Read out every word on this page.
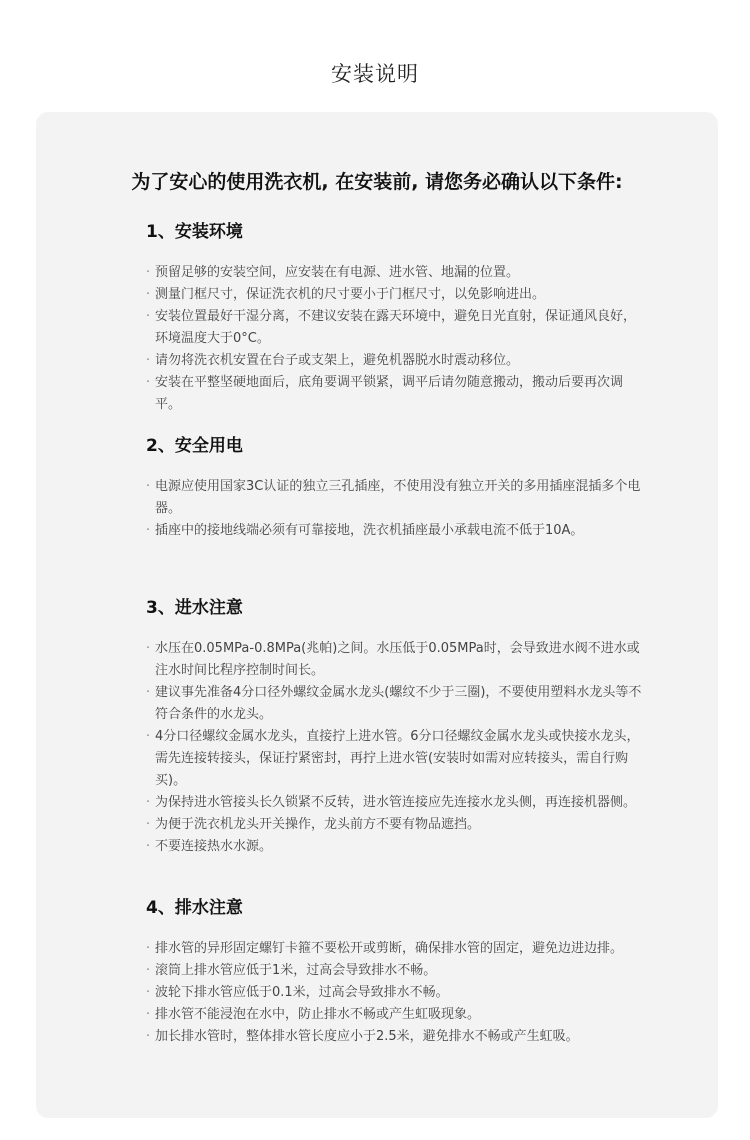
安装说明
为了安心的使用洗衣机, 在安装前, 请您务必确认以下条件:
1、安装环境
· 预留足够的安装空间，应安装在有电源、进水管、地漏的位置。
· 测量门框尺寸，保证洗衣机的尺寸要小于门框尺寸，以免影响进出。
· 安装位置最好干湿分离，不建议安装在露天环境中，避免日光直射，保证通风良好，环境温度大于0°C。
· 请勿将洗衣机安置在台子或支架上，避免机器脱水时震动移位。
· 安装在平整坚硬地面后，底角要调平锁紧，调平后请勿随意搬动，搬动后要再次调平。
2、安全用电
· 电源应使用国家3C认证的独立三孔插座，不使用没有独立开关的多用插座混插多个电器。
· 插座中的接地线端必须有可靠接地，洗衣机插座最小承载电流不低于10A。
3、进水注意
· 水压在0.05MPa-0.8MPa(兆帕)之间。水压低于0.05MPa时，会导致进水阀不进水或注水时间比程序控制时间长。
· 建议事先准备4分口径外螺纹金属水龙头(螺纹不少于三圈)，不要使用塑料水龙头等不符合条件的水龙头。
· 4分口径螺纹金属水龙头，直接拧上进水管。6分口径螺纹金属水龙头或快接水龙头，需先连接转接头，保证拧紧密封，再拧上进水管(安装时如需对应转接头，需自行购买)。
· 为保持进水管接头长久锁紧不反转，进水管连接应先连接水龙头侧，再连接机器侧。
· 为便于洗衣机龙头开关操作，龙头前方不要有物品遮挡。
· 不要连接热水水源。
4、排水注意
· 排水管的异形固定螺钉卡箍不要松开或剪断，确保排水管的固定，避免边进边排。
· 滚筒上排水管应低于1米，过高会导致排水不畅。
· 波轮下排水管应低于0.1米，过高会导致排水不畅。
· 排水管不能浸泡在水中，防止排水不畅或产生虹吸现象。
· 加长排水管时，整体排水管长度应小于2.5米，避免排水不畅或产生虹吸。
